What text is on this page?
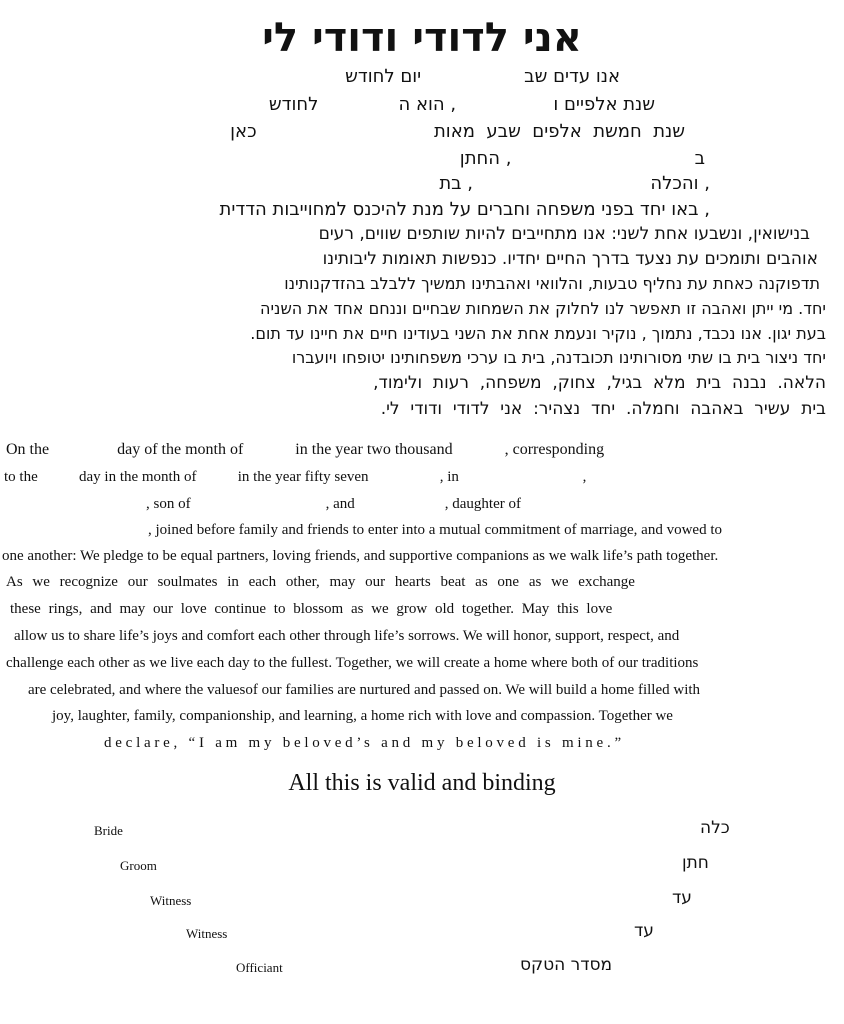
אני לדודי ודודי לי
אנו עדים שב                  יום לחודש
שנת אלפיים ו                 , הוא ה              לחודש
שנת  חמשת  אלפים  שבע  מאות                               כאן
ב                                , החתן
, והכלה                               , בת
, באו יחד בפני משפחה וחברים על מנת להיכנס למחוייבות הדדית
בנישואין, ונשבעו אחת לשני: אנו מתחייבים להיות שותפים שווים, רעים
אוהבים ותומכים עת נצעד בדרך החיים יחדיו. כנפשות תאומות ליבותינו
תדפוקנה כאחת עת נחליף טבעות, והלוואי ואהבתינו תמשיך ללבלב בהזדקנותינו
יחד. מי ייתן ואהבה זו תאפשר לנו לחלוק את השמחות שבחיים וננחם אחד את השניה
בעת יגון. אנו נכבד, נתמוך , נוקיר ונעמת אחת את השני בעודינו חיים את חיינו עד תום.
יחד ניצור בית בו שתי מסורותינו תכובדנה, בית בו ערכי משפחותינו יטופחו ויועברו
הלאה.  נבנה  בית  מלא  בגיל,  צחוק,  משפחה,  רעות  ולימוד,
בית  עשיר  באהבה  וחמלה.  יחד  נצהיר:  אני  לדודי  ודודי  לי.
On the                 day of the month of             in the year two thousand             , corresponding
to the           day in the month of           in the year fifty seven                   , in                                 ,
, son of                                    , and                        , daughter of
, joined before family and friends to enter into a mutual commitment of marriage, and vowed to
one another: We pledge to be equal partners, loving friends, and supportive companions as we walk life’s path together.
As we recognize our soulmates in each other, may our hearts beat as one as we exchange
these rings, and may our love continue to blossom as we grow old together. May this love
allow us to share life’s joys and comfort each other through life’s sorrows. We will honor, support, respect, and
challenge each other as we live each day to the fullest. Together, we will create a home where both of our traditions
are celebrated, and where the valuesof our families are nurtured and passed on. We will build a home filled with
joy, laughter, family, companionship, and learning, a home rich with love and compassion. Together we
d e c l a r e ,   “ I   a m   m y   b e l o v e d ’ s   a n d   m y   b e l o v e d   i s   m i n e . ”
All this is valid and binding
Bride	כלה
Groom	חתן
Witness	עד
Witness	עד
Officiant	מסדר הטקס
